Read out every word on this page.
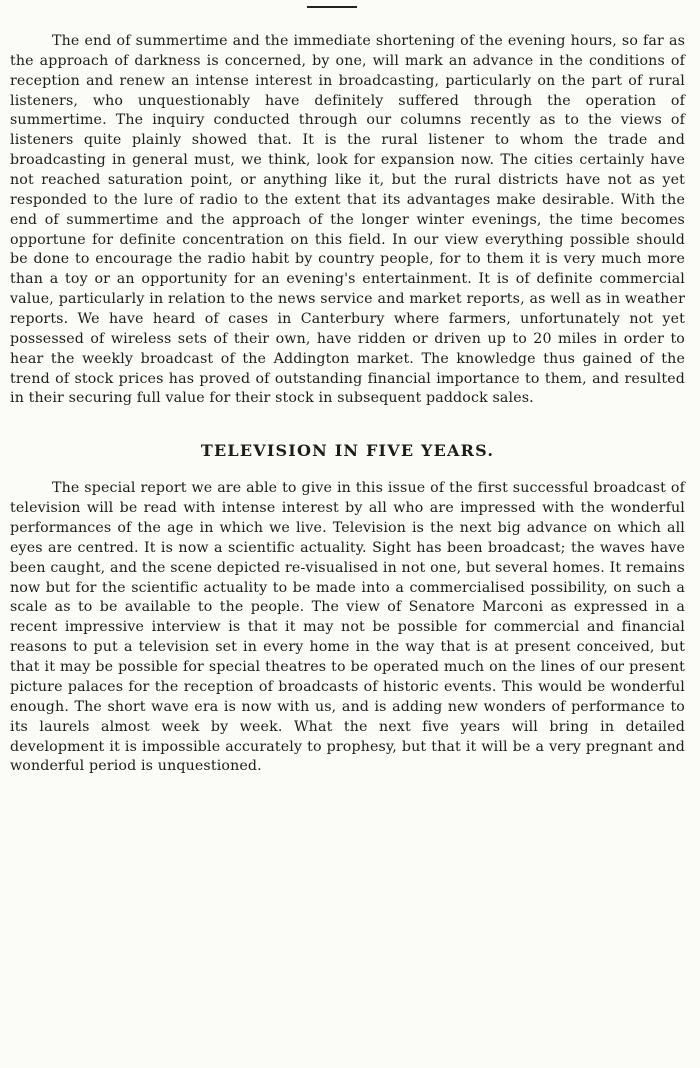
The end of summertime and the immediate shortening of the evening hours, so far as the approach of darkness is concerned, by one, will mark an advance in the conditions of reception and renew an intense interest in broadcasting, particularly on the part of rural listeners, who unquestionably have definitely suffered through the operation of summertime. The inquiry conducted through our columns recently as to the views of listeners quite plainly showed that. It is the rural listener to whom the trade and broadcasting in general must, we think, look for expansion now. The cities certainly have not reached saturation point, or anything like it, but the rural districts have not as yet responded to the lure of radio to the extent that its advantages make desirable. With the end of summertime and the approach of the longer winter evenings, the time becomes opportune for definite concentration on this field. In our view everything possible should be done to encourage the radio habit by country people, for to them it is very much more than a toy or an opportunity for an evening's entertainment. It is of definite commercial value, particularly in relation to the news service and market reports, as well as in weather reports. We have heard of cases in Canterbury where farmers, unfortunately not yet possessed of wireless sets of their own, have ridden or driven up to 20 miles in order to hear the weekly broadcast of the Addington market. The knowledge thus gained of the trend of stock prices has proved of outstanding financial importance to them, and resulted in their securing full value for their stock in subsequent paddock sales.

TELEVISION IN FIVE YEARS.

The special report we are able to give in this issue of the first successful broadcast of television will be read with intense interest by all who are impressed with the wonderful performances of the age in which we live. Television is the next big advance on which all eyes are centred. It is now a scientific actuality. Sight has been broadcast; the waves have been caught, and the scene depicted re-visualised in not one, but several homes. It remains now but for the scientific actuality to be made into a commercialised possibility, on such a scale as to be available to the people. The view of Senatore Marconi as expressed in a recent impressive interview is that it may not be possible for commercial and financial reasons to put a television set in every home in the way that is at present conceived, but that it may be possible for special theatres to be operated much on the lines of our present picture palaces for the reception of broadcasts of historic events. This would be wonderful enough. The short wave era is now with us, and is adding new wonders of performance to its laurels almost week by week. What the next five years will bring in detailed development it is impossible accurately to prophesy, but that it will be a very pregnant and wonderful period is unquestioned.
